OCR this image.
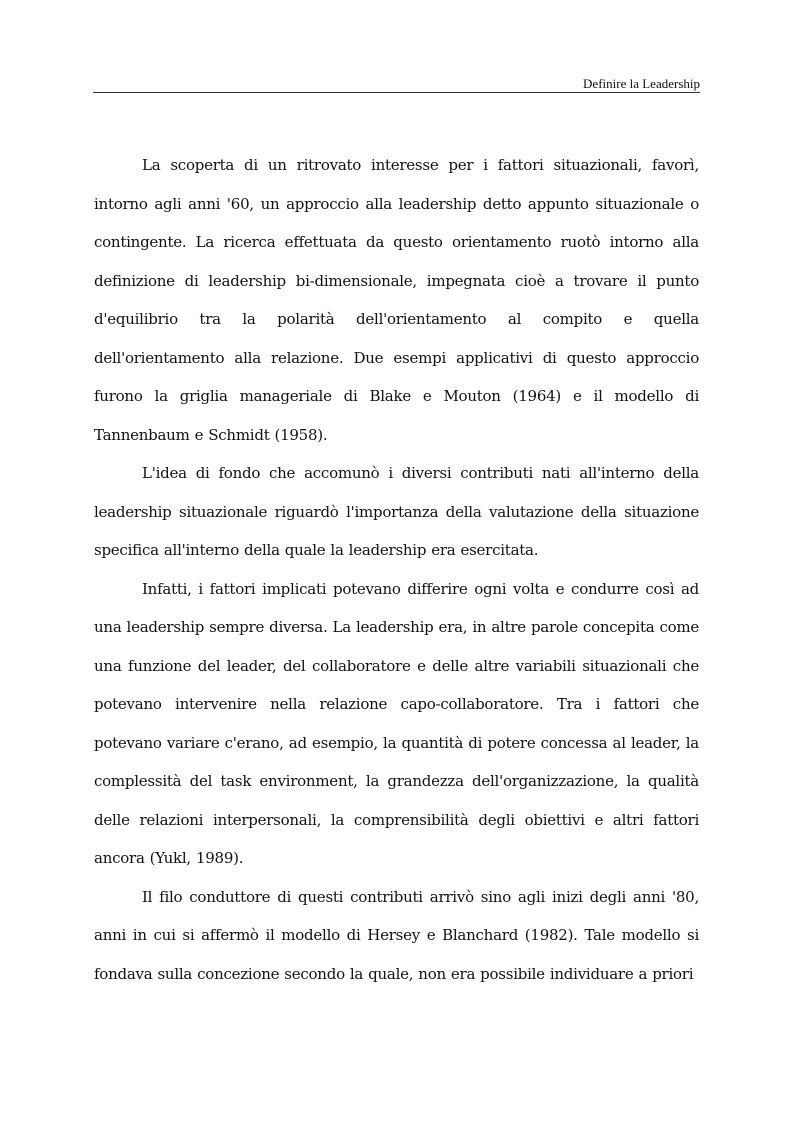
Definire la Leadership

La scoperta di un ritrovato interesse per i fattori situazionali, favorì, intorno agli anni '60, un approccio alla leadership detto appunto situazionale o contingente. La ricerca effettuata da questo orientamento ruotò intorno alla definizione di leadership bi-dimensionale, impegnata cioè a trovare il punto d'equilibrio tra la polarità dell'orientamento al compito e quella dell'orientamento alla relazione. Due esempi applicativi di questo approccio furono la griglia manageriale di Blake e Mouton (1964) e il modello di Tannenbaum e Schmidt (1958).

L'idea di fondo che accomunò i diversi contributi nati all'interno della leadership situazionale riguardò l'importanza della valutazione della situazione specifica all'interno della quale la leadership era esercitata.

Infatti, i fattori implicati potevano differire ogni volta e condurre così ad una leadership sempre diversa. La leadership era, in altre parole concepita come una funzione del leader, del collaboratore e delle altre variabili situazionali che potevano intervenire nella relazione capo-collaboratore. Tra i fattori che potevano variare c'erano, ad esempio, la quantità di potere concessa al leader, la complessità del task environment, la grandezza dell'organizzazione, la qualità delle relazioni interpersonali, la comprensibilità degli obiettivi e altri fattori ancora (Yukl, 1989).

Il filo conduttore di questi contributi arrivò sino agli inizi degli anni '80, anni in cui si affermò il modello di Hersey e Blanchard (1982). Tale modello si fondava sulla concezione secondo la quale, non era possibile individuare a priori
